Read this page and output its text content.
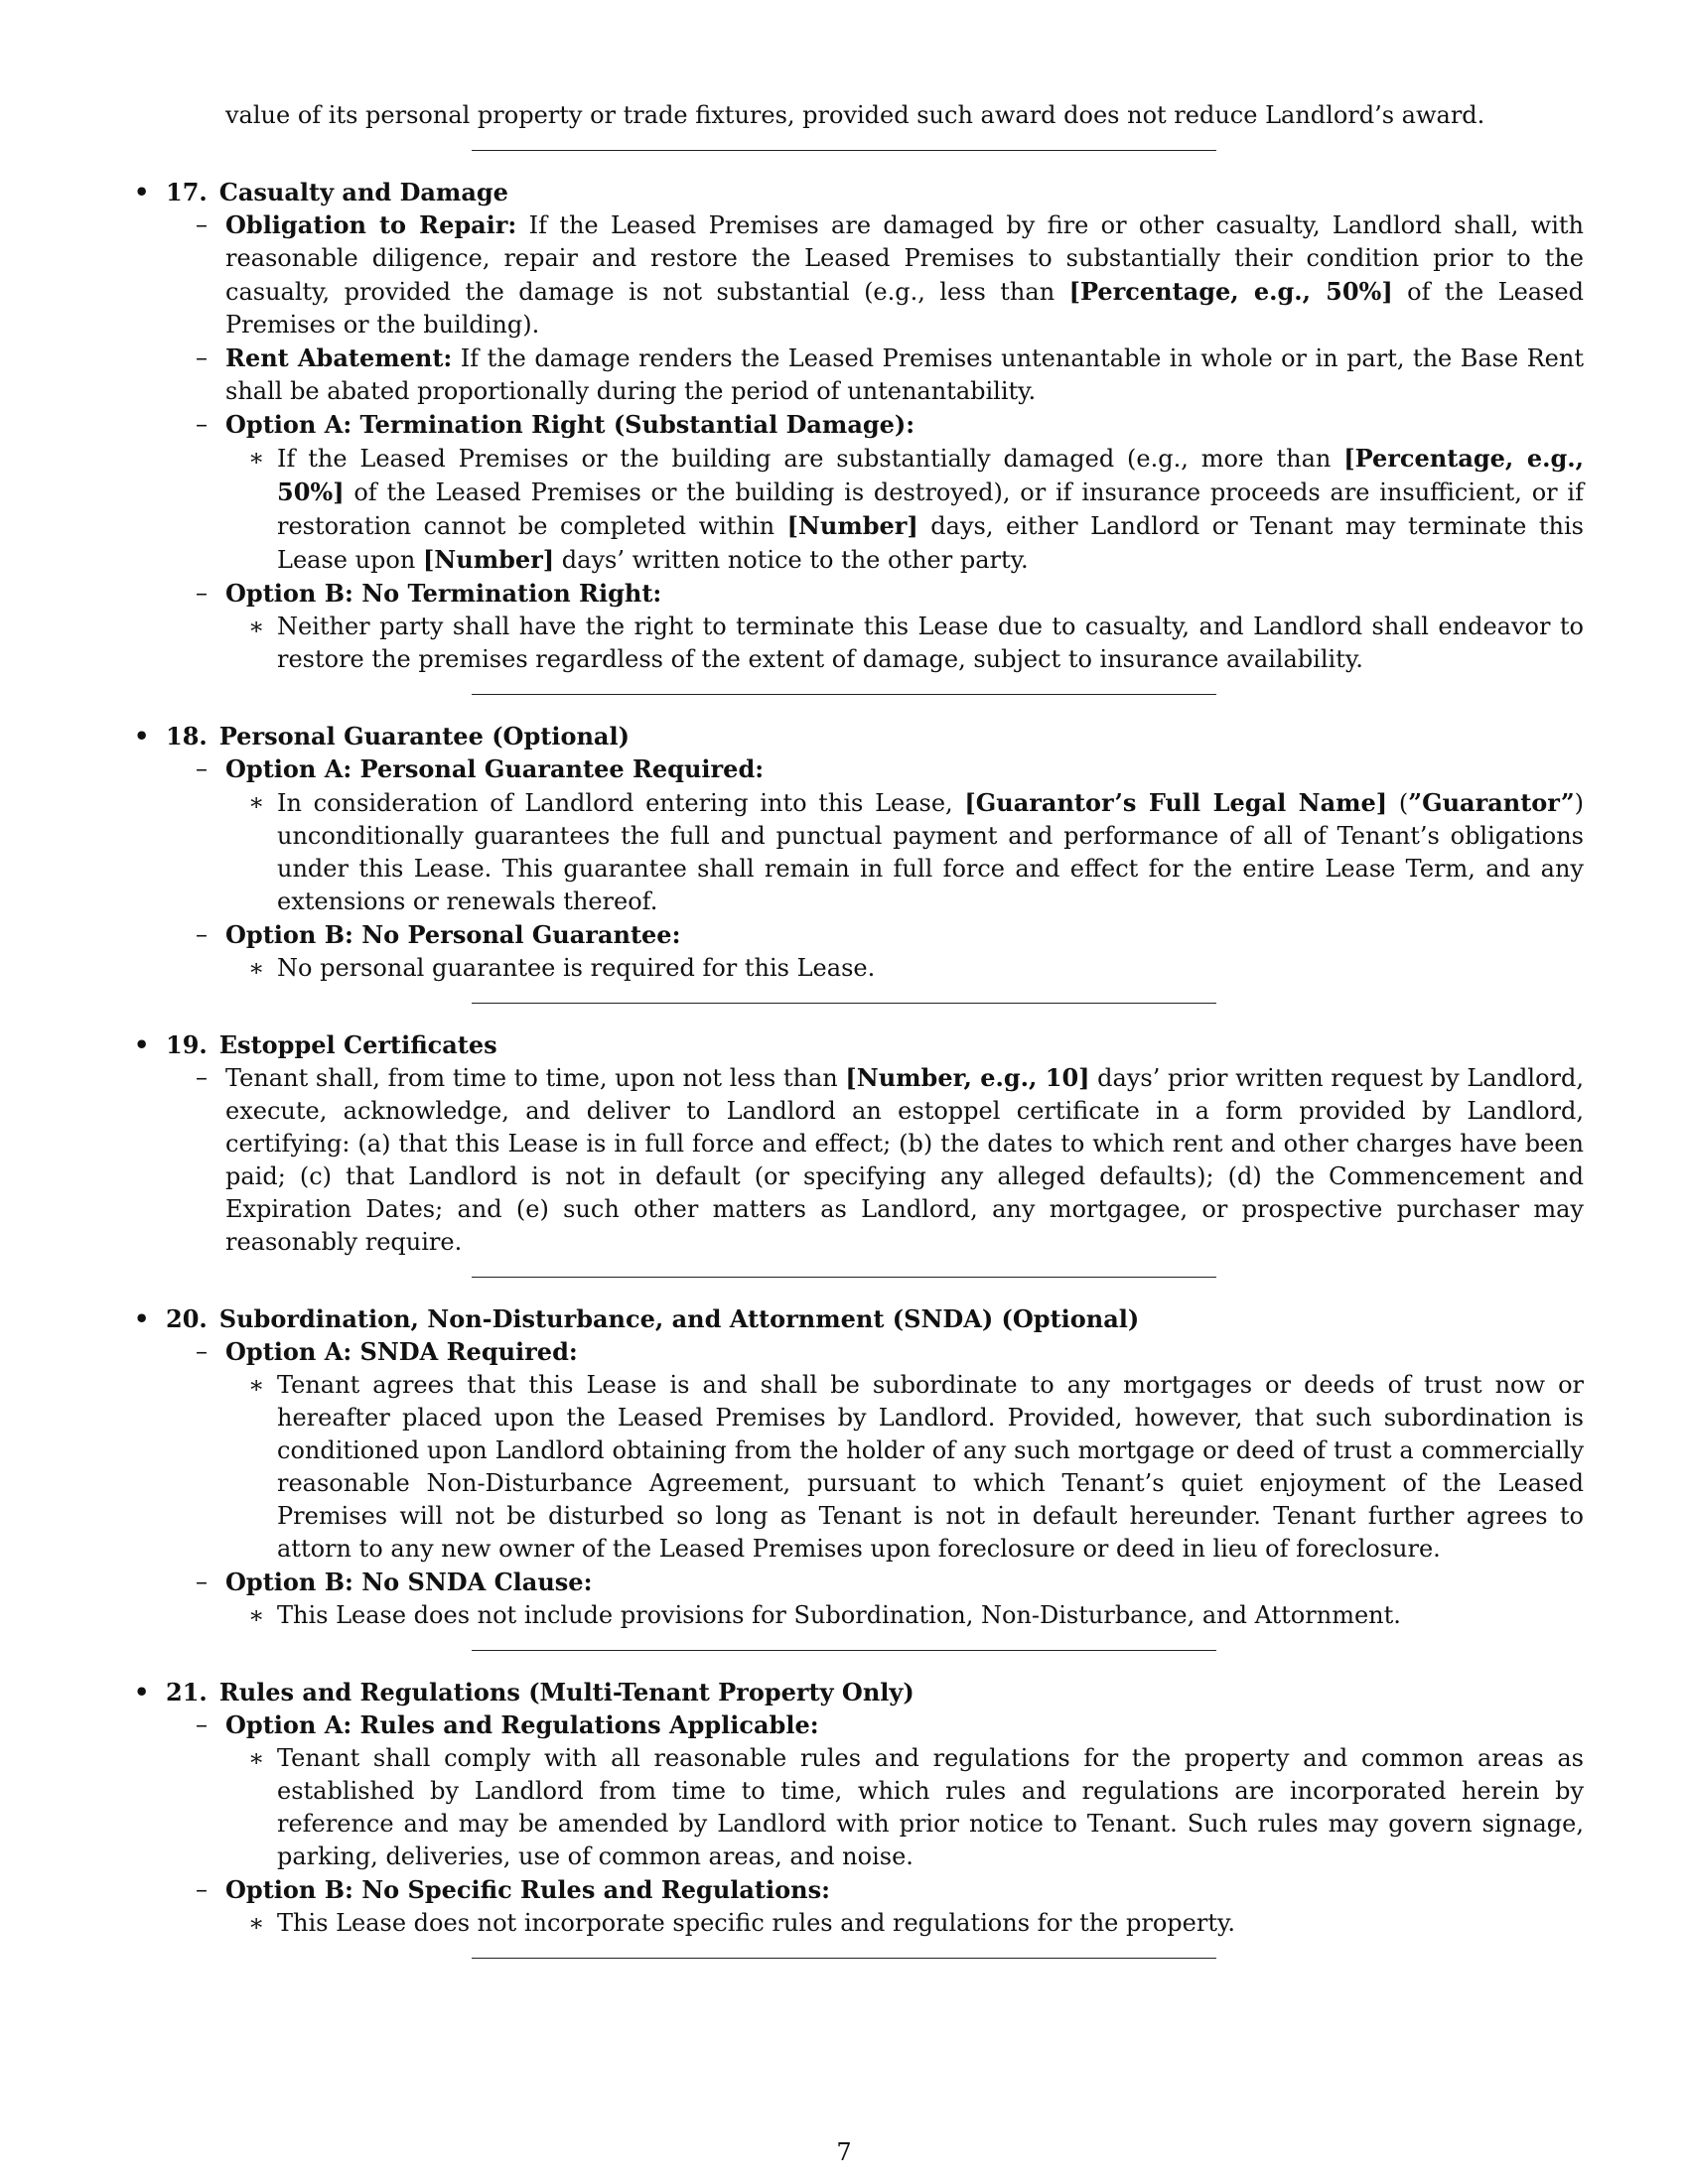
value of its personal property or trade fixtures, provided such award does not reduce Landlord’s award.

• 17. Casualty and Damage

– Obligation to Repair: If the Leased Premises are damaged by fire or other casualty, Landlord shall, with reasonable diligence, repair and restore the Leased Premises to substantially their condition prior to the casualty, provided the damage is not substantial (e.g., less than [Percentage, e.g., 50%] of the Leased Premises or the building).

– Rent Abatement: If the damage renders the Leased Premises untenantable in whole or in part, the Base Rent shall be abated proportionally during the period of untenantability.

– Option A: Termination Right (Substantial Damage):

∗ If the Leased Premises or the building are substantially damaged (e.g., more than [Percentage, e.g., 50%] of the Leased Premises or the building is destroyed), or if insurance proceeds are insufficient, or if restoration cannot be completed within [Number] days, either Landlord or Tenant may terminate this Lease upon [Number] days’ written notice to the other party.

– Option B: No Termination Right:

∗ Neither party shall have the right to terminate this Lease due to casualty, and Landlord shall endeavor to restore the premises regardless of the extent of damage, subject to insurance availability.

• 18. Personal Guarantee (Optional)

– Option A: Personal Guarantee Required:

∗ In consideration of Landlord entering into this Lease, [Guarantor’s Full Legal Name] (”Guarantor”) unconditionally guarantees the full and punctual payment and performance of all of Tenant’s obligations under this Lease. This guarantee shall remain in full force and effect for the entire Lease Term, and any extensions or renewals thereof.

– Option B: No Personal Guarantee:

∗ No personal guarantee is required for this Lease.

• 19. Estoppel Certificates

– Tenant shall, from time to time, upon not less than [Number, e.g., 10] days’ prior written request by Landlord, execute, acknowledge, and deliver to Landlord an estoppel certificate in a form provided by Landlord, certifying: (a) that this Lease is in full force and effect; (b) the dates to which rent and other charges have been paid; (c) that Landlord is not in default (or specifying any alleged defaults); (d) the Commencement and Expiration Dates; and (e) such other matters as Landlord, any mortgagee, or prospective purchaser may reasonably require.

• 20. Subordination, Non-Disturbance, and Attornment (SNDA) (Optional)

– Option A: SNDA Required:

∗ Tenant agrees that this Lease is and shall be subordinate to any mortgages or deeds of trust now or hereafter placed upon the Leased Premises by Landlord. Provided, however, that such subordination is conditioned upon Landlord obtaining from the holder of any such mortgage or deed of trust a commercially reasonable Non-Disturbance Agreement, pursuant to which Tenant’s quiet enjoyment of the Leased Premises will not be disturbed so long as Tenant is not in default hereunder. Tenant further agrees to attorn to any new owner of the Leased Premises upon foreclosure or deed in lieu of foreclosure.

– Option B: No SNDA Clause:

∗ This Lease does not include provisions for Subordination, Non-Disturbance, and Attornment.

• 21. Rules and Regulations (Multi-Tenant Property Only)

– Option A: Rules and Regulations Applicable:

∗ Tenant shall comply with all reasonable rules and regulations for the property and common areas as established by Landlord from time to time, which rules and regulations are incorporated herein by reference and may be amended by Landlord with prior notice to Tenant. Such rules may govern signage, parking, deliveries, use of common areas, and noise.

– Option B: No Specific Rules and Regulations:

∗ This Lease does not incorporate specific rules and regulations for the property.

7
